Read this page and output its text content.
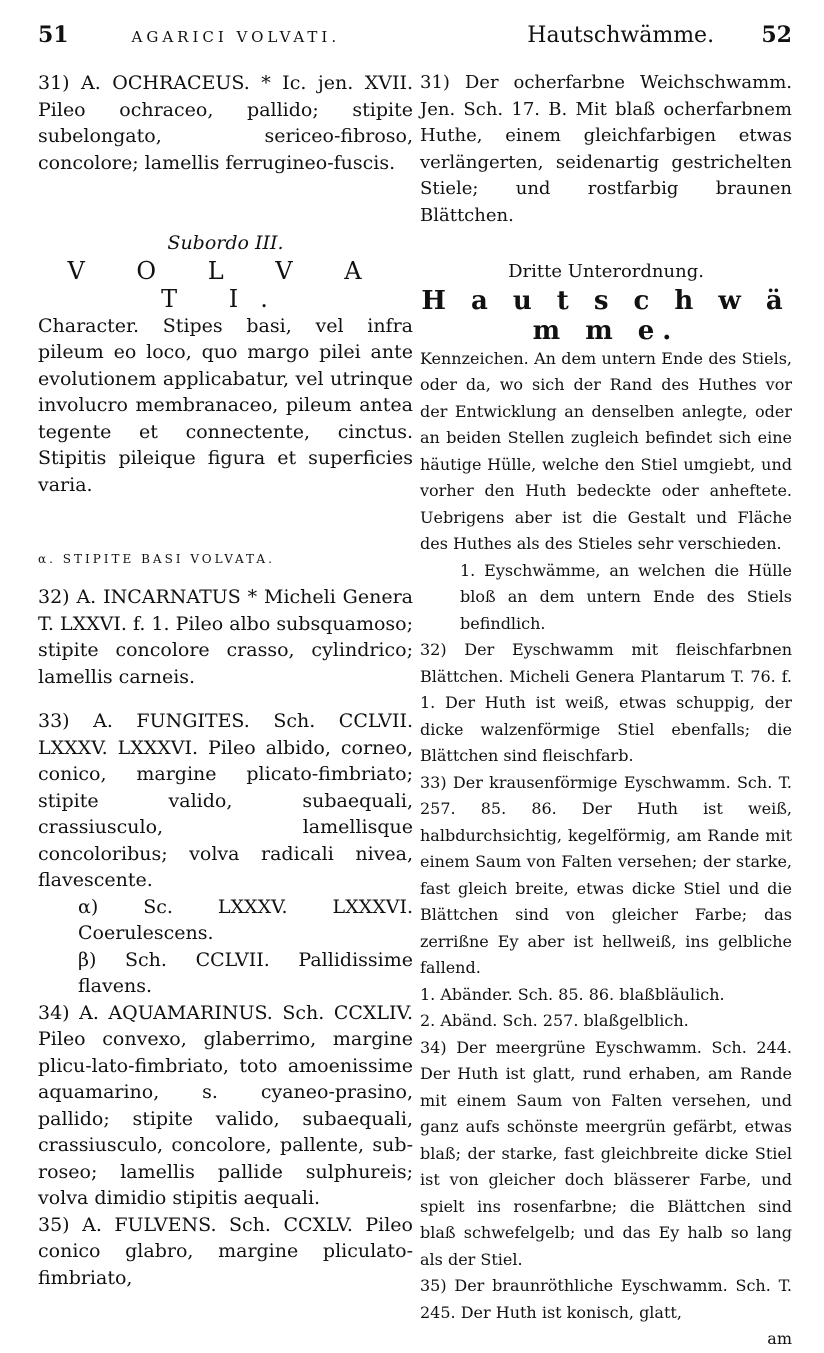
51	AGARICI VOLVATI.

31) A. OCHRACEUS. * Ic. jen. XVII. Pileo ochraceo, pallido; stipite subelongato, sericeo-fibroso, concolore; lamellis ferrugineo-fuscis.

Subordo III.

V O L V A T I.

Character. Stipes basi, vel infra pileum eo loco, quo margo pilei ante evolutionem applicabatur, vel utrinque involucro membranaceo, pileum antea tegente et connectente, cinctus. Stipitis pileique figura et superficies varia.

α. STIPITE BASI VOLVATA.

32) A. INCARNATUS * Micheli Genera T. LXXVI. f. 1. Pileo albo subsquamoso; stipite concolore crasso, cylindrico; lamellis carneis.

33) A. FUNGITES. Sch. CCLVII. LXXXV. LXXXVI. Pileo albido, corneo, conico, margine plicato-fimbriato; stipite valido, subaequali, crassiusculo, lamellisque concoloribus; volva radicali nivea, flavescente.

α) Sc. LXXXV. LXXXVI. Coerulescens.

β) Sch. CCLVII. Pallidissime flavens.

34) A. AQUAMARINUS. Sch. CCXLIV. Pileo convexo, glaberrimo, margine plicu-lato-fimbriato, toto amoenissime aquamarino, s. cyaneo-prasino, pallido; stipite valido, subaequali, crassiusculo, concolore, pallente, sub-roseo; lamellis pallide sulphureis; volva dimidio stipitis aequali.

35) A. FULVENS. Sch. CCXLV. Pileo conico glabro, margine pliculato-fimbriato,

Hautschwämme. 52

31) Der ocherfarbne Weichschwamm. Jen. Sch. 17. B. Mit blaß ocherfarbnem Huthe, einem gleichfarbigen etwas verlängerten, seidenartig gestrichelten Stiele; und rostfarbig braunen Blättchen.

Dritte Unterordnung.

H a u t s c h w ä m m e.

Kennzeichen. An dem untern Ende des Stiels, oder da, wo sich der Rand des Huthes vor der Entwicklung an denselben anlegte, oder an beiden Stellen zugleich befindet sich eine häutige Hülle, welche den Stiel umgiebt, und vorher den Huth bedeckte oder anheftete. Uebrigens aber ist die Gestalt und Fläche des Huthes als des Stieles sehr verschieden.

1. Eyschwämme, an welchen die Hülle bloß an dem untern Ende des Stiels befindlich.

32) Der Eyschwamm mit fleischfarbnen Blättchen. Micheli Genera Plantarum T. 76. f. 1. Der Huth ist weiß, etwas schuppig, der dicke walzenförmige Stiel ebenfalls; die Blättchen sind fleischfarb.

33) Der krausenförmige Eyschwamm. Sch. T. 257. 85. 86. Der Huth ist weiß, halbdurchsichtig, kegelförmig, am Rande mit einem Saum von Falten versehen; der starke, fast gleich breite, etwas dicke Stiel und die Blättchen sind von gleicher Farbe; das zerrißne Ey aber ist hellweiß, ins gelbliche fallend.

1. Abänder. Sch. 85. 86. blaßbläulich.

2. Abänd. Sch. 257. blaßgelblich.

34) Der meergrüne Eyschwamm. Sch. 244. Der Huth ist glatt, rund erhaben, am Rande mit einem Saum von Falten versehen, und ganz aufs schönste meergrün gefärbt, etwas blaß; der starke, fast gleichbreite dicke Stiel ist von gleicher doch blässerer Farbe, und spielt ins rosenfarbne; die Blättchen sind blaß schwefelgelb; und das Ey halb so lang als der Stiel.

35) Der braunröthliche Eyschwamm. Sch. T. 245. Der Huth ist konisch, glatt,

am
